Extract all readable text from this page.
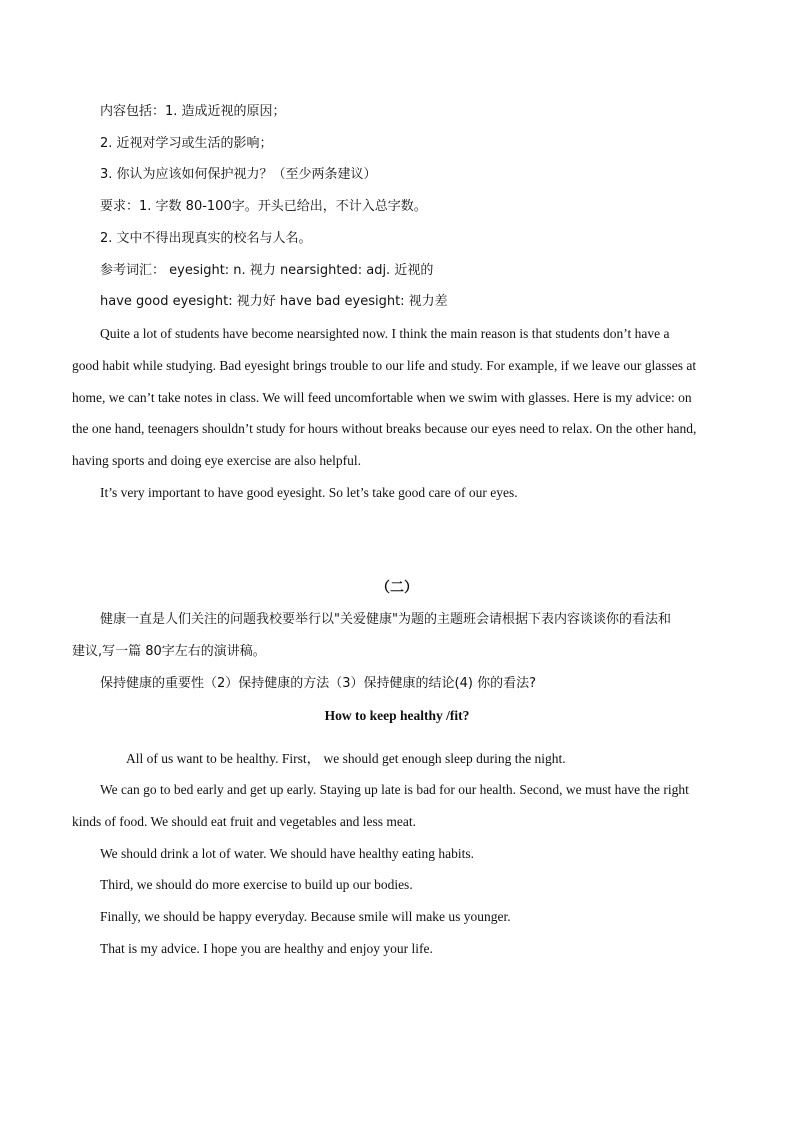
内容包括：1. 造成近视的原因；
2. 近视对学习或生活的影响；
3. 你认为应该如何保护视力？（至少两条建议）
要求：1. 字数 80-100字。开头已给出，不计入总字数。
2. 文中不得出现真实的校名与人名。
参考词汇： eyesight: n. 视力 nearsighted: adj. 近视的
have good eyesight: 视力好 have bad eyesight: 视力差
Quite a lot of students have become nearsighted now. I think the main reason is that students don’t have a
good habit while studying. Bad eyesight brings trouble to our life and study. For example, if we leave our glasses at
home, we can’t take notes in class. We will feed uncomfortable when we swim with glasses. Here is my advice: on
the one hand, teenagers shouldn’t study for hours without breaks because our eyes need to relax. On the other hand,
having sports and doing eye exercise are also helpful.
It’s very important to have good eyesight. So let’s take good care of our eyes.
（二）
健康一直是人们关注的问题我校要举行以"关爱健康"为题的主题班会请根据下表内容谈谈你的看法和
建议,写一篇 80字左右的演讲稿。
保持健康的重要性（2）保持健康的方法（3）保持健康的结论(4) 你的看法?
How to keep healthy /fit?
All of us want to be healthy. First， we should get enough sleep during the night.
We can go to bed early and get up early. Staying up late is bad for our health. Second, we must have the right
kinds of food. We should eat fruit and vegetables and less meat.
We should drink a lot of water. We should have healthy eating habits.
Third, we should do more exercise to build up our bodies.
Finally, we should be happy everyday. Because smile will make us younger.
That is my advice. I hope you are healthy and enjoy your life.
